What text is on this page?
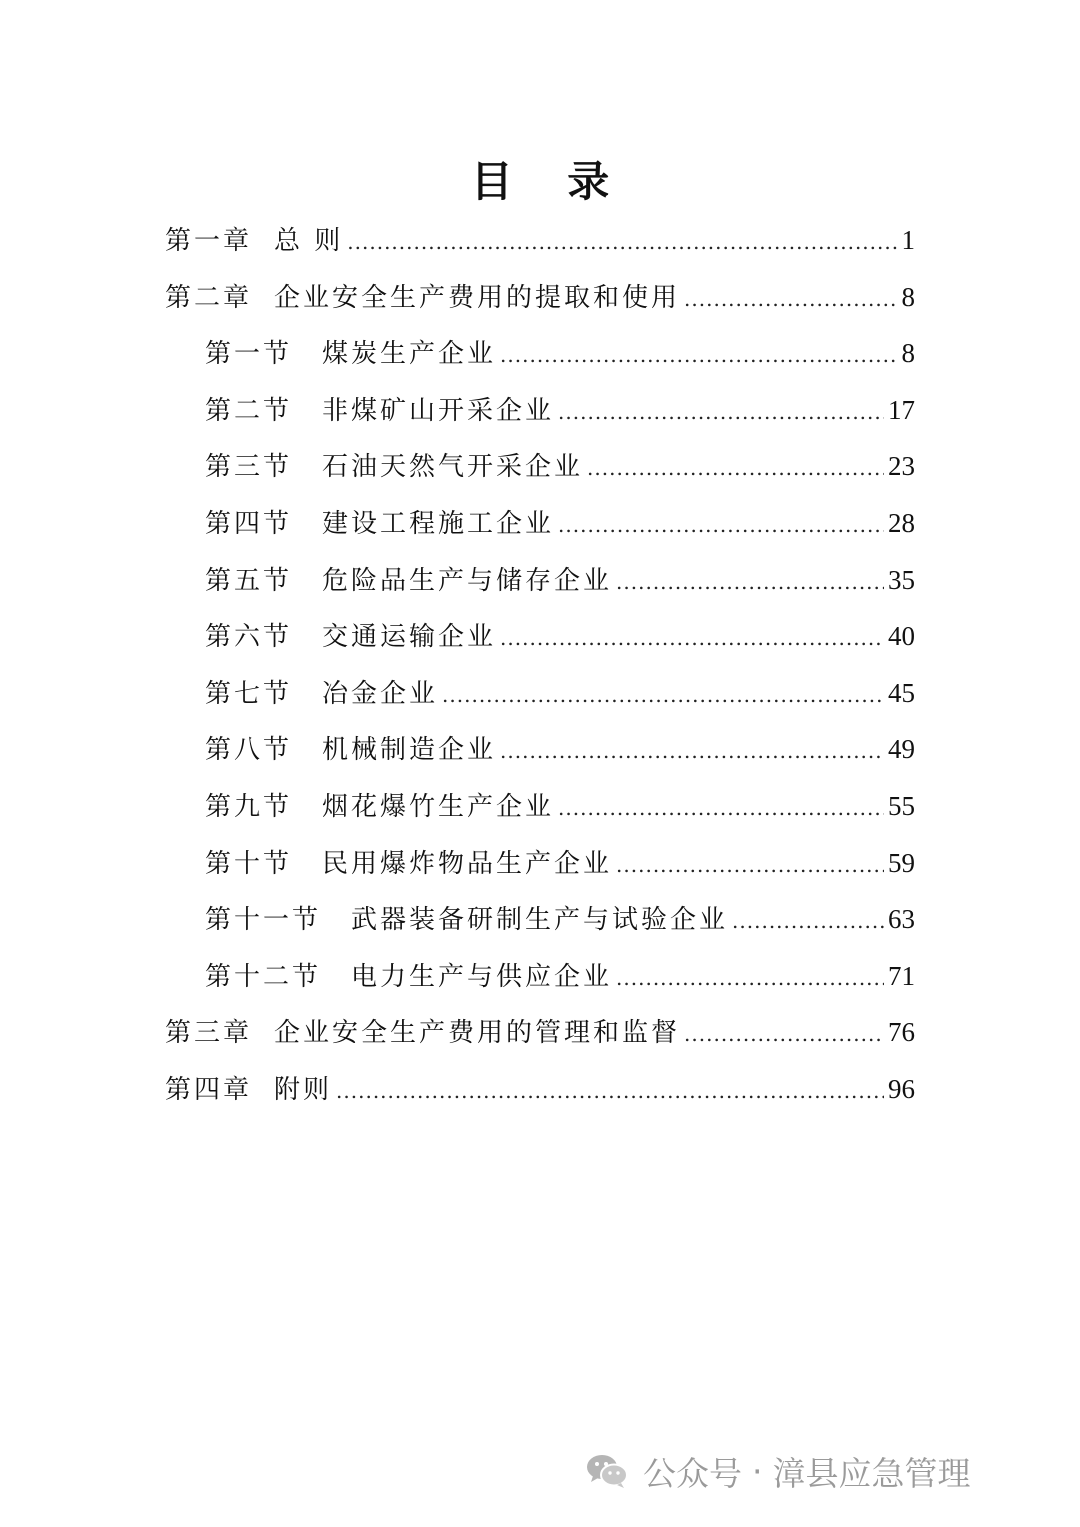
目 录
第一章 总 则 .....	1
第二章 企业安全生产费用的提取和使用 .....	8
第一节 煤炭生产企业 .....	8
第二节 非煤矿山开采企业 .....	17
第三节 石油天然气开采企业 .....	23
第四节 建设工程施工企业 .....	28
第五节 危险品生产与储存企业 .....	35
第六节 交通运输企业 .....	40
第七节 冶金企业 .....	45
第八节 机械制造企业 .....	49
第九节 烟花爆竹生产企业 .....	55
第十节 民用爆炸物品生产企业 .....	59
第十一节 武器装备研制生产与试验企业 .....	63
第十二节 电力生产与供应企业 .....	71
第三章 企业安全生产费用的管理和监督 .....	76
第四章 附则 .....	96
公众号 · 漳县应急管理
